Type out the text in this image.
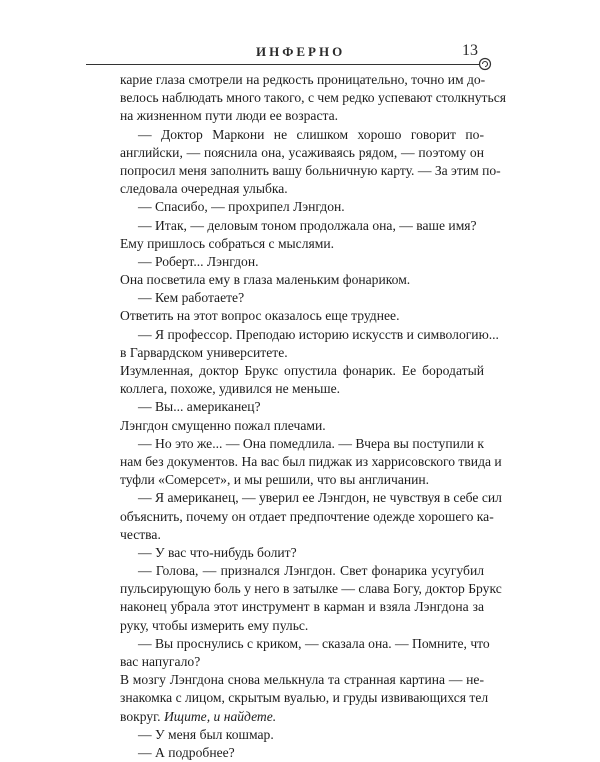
ИНФЕРНО	13
карие глаза смотрели на редкость проницательно, точно им до-
велось наблюдать много такого, с чем редко успевают столкнуться
на жизненном пути люди ее возраста.
— Доктор Маркони не слишком хорошо говорит по-
английски, — пояснила она, усаживаясь рядом, — поэтому он
попросил меня заполнить вашу больничную карту. — За этим по-
следовала очередная улыбка.
— Спасибо, — прохрипел Лэнгдон.
— Итак, — деловым тоном продолжала она, — ваше имя?
Ему пришлось собраться с мыслями.
— Роберт... Лэнгдон.
Она посветила ему в глаза маленьким фонариком.
— Кем работаете?
Ответить на этот вопрос оказалось еще труднее.
— Я профессор. Преподаю историю искусств и символогию...
в Гарвардском университете.
Изумленная, доктор Брукс опустила фонарик. Ее бородатый
коллега, похоже, удивился не меньше.
— Вы... американец?
Лэнгдон смущенно пожал плечами.
— Но это же... — Она помедлила. — Вчера вы поступили к
нам без документов. На вас был пиджак из харрисовского твида и
туфли «Сомерсет», и мы решили, что вы англичанин.
— Я американец, — уверил ее Лэнгдон, не чувствуя в себе сил
объяснить, почему он отдает предпочтение одежде хорошего ка-
чества.
— У вас что-нибудь болит?
— Голова, — признался Лэнгдон. Свет фонарика усугубил
пульсирующую боль у него в затылке — слава Богу, доктор Брукс
наконец убрала этот инструмент в карман и взяла Лэнгдона за
руку, чтобы измерить ему пульс.
— Вы проснулись с криком, — сказала она. — Помните, что
вас напугало?
В мозгу Лэнгдона снова мелькнула та странная картина — не-
знакомка с лицом, скрытым вуалью, и груды извивающихся тел
вокруг. Ищите, и найдете.
— У меня был кошмар.
— А подробнее?
